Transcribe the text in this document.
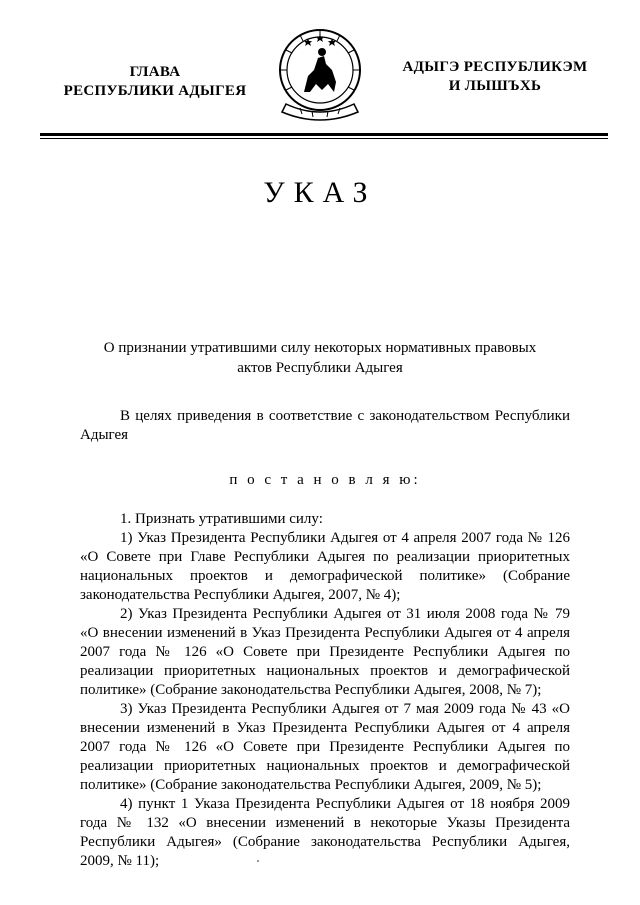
ГЛАВА
РЕСПУБЛИКИ АДЫГЕЯ
АДЫГЭ РЕСПУБЛИКЭМ
И ЛЫШЪХЬ
УКАЗ
О признании утратившими силу некоторых нормативных правовых
актов Республики Адыгея

В целях приведения в соответствие с законодательством Республики Адыгея

п о с т а н о в л я ю:

1. Признать утратившими силу:

1) Указ Президента Республики Адыгея от 4 апреля 2007 года № 126 «О Совете при Главе Республики Адыгея по реализации приоритетных национальных проектов и демографической политике» (Собрание законодательства Республики Адыгея, 2007, № 4);

2) Указ Президента Республики Адыгея от 31 июля 2008 года № 79 «О внесении изменений в Указ Президента Республики Адыгея от 4 апреля 2007 года № 126 «О Совете при Президенте Республики Адыгея по реализации приоритетных национальных проектов и демографической политике» (Собрание законодательства Республики Адыгея, 2008, № 7);

3) Указ Президента Республики Адыгея от 7 мая 2009 года № 43 «О внесении изменений в Указ Президента Республики Адыгея от 4 апреля 2007 года № 126 «О Совете при Президенте Республики Адыгея по реализации приоритетных национальных проектов и демографической политике» (Собрание законодательства Республики Адыгея, 2009, № 5);

4) пункт 1 Указа Президента Республики Адыгея от 18 ноября 2009 года № 132 «О внесении изменений в некоторые Указы Президента Республики Адыгея» (Собрание законодательства Республики Адыгея, 2009, № 11);
